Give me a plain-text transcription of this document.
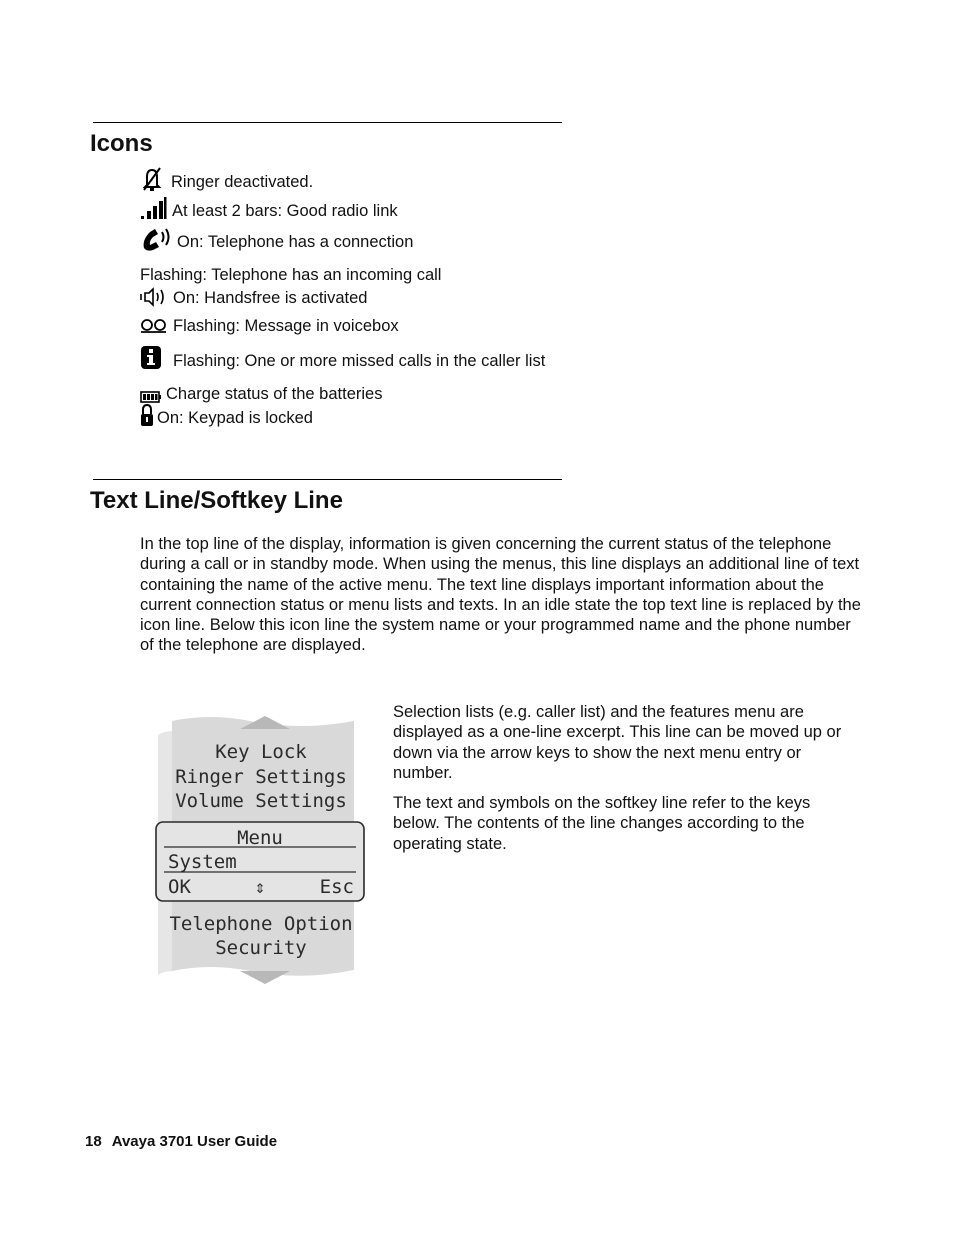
Icons
Ringer deactivated.
At least 2 bars: Good radio link
On: Telephone has a connection
Flashing: Telephone has an incoming call
On: Handsfree is activated
Flashing: Message in voicebox
Flashing: One or more missed calls in the caller list
Charge status of the batteries
On: Keypad is locked
Text Line/Softkey Line

In the top line of the display, information is given concerning the current status of the telephone during a call or in standby mode. When using the menus, this line displays an additional line of text containing the name of the active menu. The text line displays important information about the current connection status or menu lists and texts. In an idle state the top text line is replaced by the icon line. Below this icon line the system name or your programmed name and the phone number of the telephone are displayed.

Key Lock
Ringer Settings
Volume Settings
Menu
System
OK	⇕	Esc
Telephone Option
Security

Selection lists (e.g. caller list) and the features menu are displayed as a one-line excerpt. This line can be moved up or down via the arrow keys to show the next menu entry or number.

The text and symbols on the softkey line refer to the keys below. The contents of the line changes according to the operating state.

18 Avaya 3701 User Guide
